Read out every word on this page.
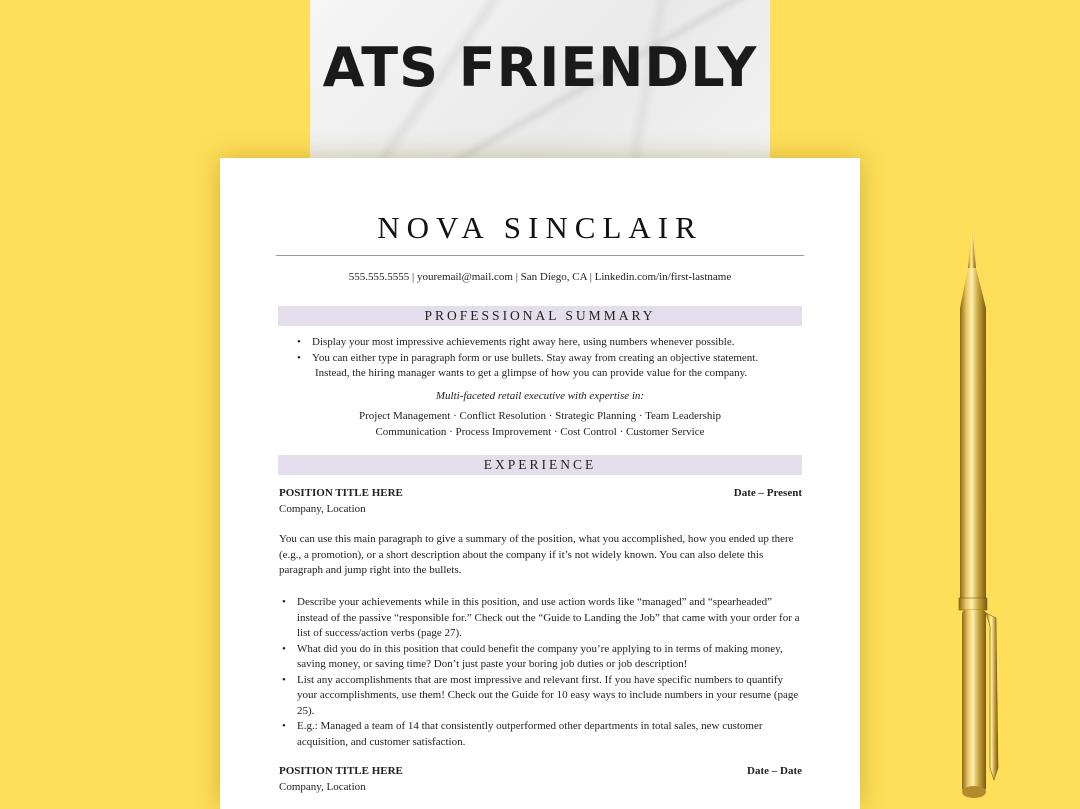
ATS FRIENDLY
NOVA SINCLAIR
555.555.5555 | youremail@mail.com | San Diego, CA | Linkedin.com/in/first-lastname
PROFESSIONAL SUMMARY
• Display your most impressive achievements right away here, using numbers whenever possible.
• You can either type in paragraph form or use bullets. Stay away from creating an objective statement.
Instead, the hiring manager wants to get a glimpse of how you can provide value for the company.
Multi-faceted retail executive with expertise in:
Project Management · Conflict Resolution · Strategic Planning · Team Leadership
Communication · Process Improvement · Cost Control · Customer Service
EXPERIENCE
POSITION TITLE HERE	Date – Present
Company, Location
You can use this main paragraph to give a summary of the position, what you accomplished, how you ended up there (e.g., a promotion), or a short description about the company if it’s not widely known. You can also delete this paragraph and jump right into the bullets.
• Describe your achievements while in this position, and use action words like “managed” and “spearheaded” instead of the passive “responsible for.” Check out the “Guide to Landing the Job” that came with your order for a list of success/action verbs (page 27).
• What did you do in this position that could benefit the company you’re applying to in terms of making money, saving money, or saving time? Don’t just paste your boring job duties or job description!
• List any accomplishments that are most impressive and relevant first. If you have specific numbers to quantify your accomplishments, use them! Check out the Guide for 10 easy ways to include numbers in your resume (page 25).
• E.g.: Managed a team of 14 that consistently outperformed other departments in total sales, new customer acquisition, and customer satisfaction.
POSITION TITLE HERE	Date – Date
Company, Location
